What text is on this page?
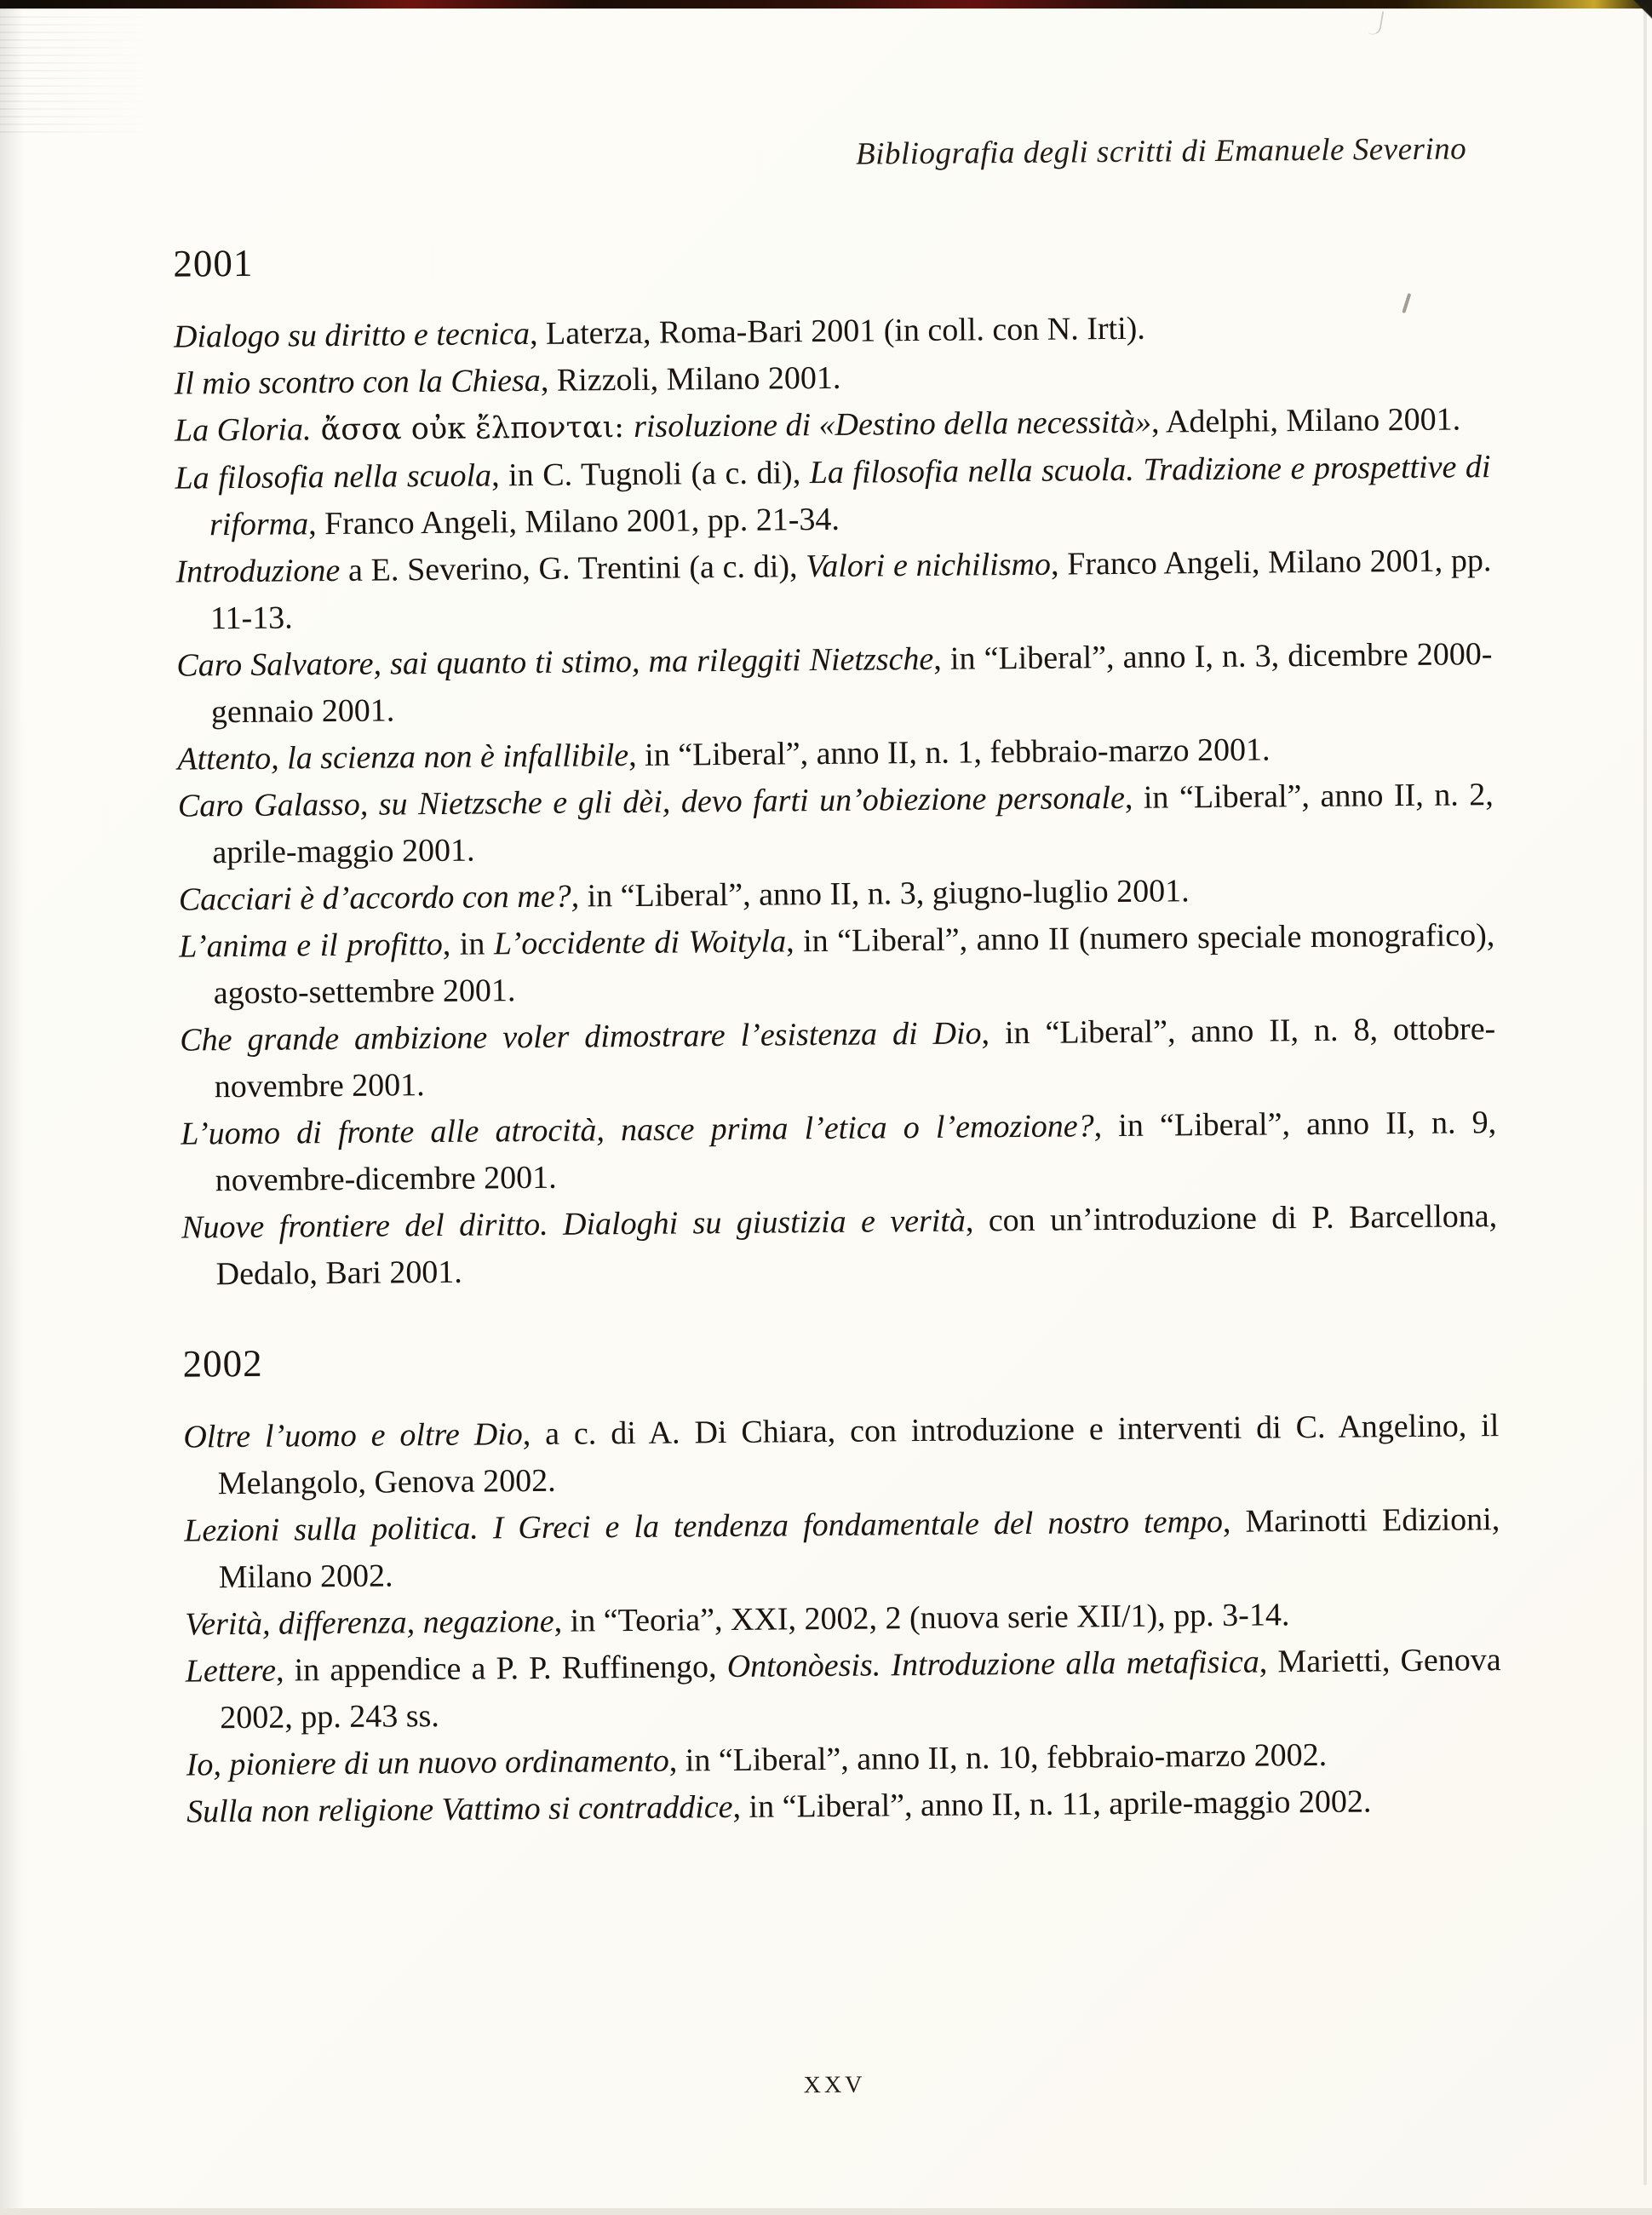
Bibliografia degli scritti di Emanuele Severino
2001
Dialogo su diritto e tecnica, Laterza, Roma-Bari 2001 (in coll. con N. Irti).
Il mio scontro con la Chiesa, Rizzoli, Milano 2001.
La Gloria. ἄσσα οὐκ ἔλπονται: risoluzione di «Destino della necessità», Adelphi, Milano 2001.
La filosofia nella scuola, in C. Tugnoli (a c. di), La filosofia nella scuola. Tradizione e prospettive di riforma, Franco Angeli, Milano 2001, pp. 21-34.
Introduzione a E. Severino, G. Trentini (a c. di), Valori e nichilismo, Franco Angeli, Milano 2001, pp. 11-13.
Caro Salvatore, sai quanto ti stimo, ma rileggiti Nietzsche, in “Liberal”, anno I, n. 3, dicembre 2000-gennaio 2001.
Attento, la scienza non è infallibile, in “Liberal”, anno II, n. 1, febbraio-marzo 2001.
Caro Galasso, su Nietzsche e gli dèi, devo farti un’obiezione personale, in “Liberal”, anno II, n. 2, aprile-maggio 2001.
Cacciari è d’accordo con me?, in “Liberal”, anno II, n. 3, giugno-luglio 2001.
L’anima e il profitto, in L’occidente di Woityla, in “Liberal”, anno II (numero speciale monografico), agosto-settembre 2001.
Che grande ambizione voler dimostrare l’esistenza di Dio, in “Liberal”, anno II, n. 8, ottobre-novembre 2001.
L’uomo di fronte alle atrocità, nasce prima l’etica o l’emozione?, in “Liberal”, anno II, n. 9, novembre-dicembre 2001.
Nuove frontiere del diritto. Dialoghi su giustizia e verità, con un’introduzione di P. Barcellona, Dedalo, Bari 2001.
2002
Oltre l’uomo e oltre Dio, a c. di A. Di Chiara, con introduzione e interventi di C. Angelino, il Melangolo, Genova 2002.
Lezioni sulla politica. I Greci e la tendenza fondamentale del nostro tempo, Marinotti Edizioni, Milano 2002.
Verità, differenza, negazione, in “Teoria”, XXI, 2002, 2 (nuova serie XII/1), pp. 3-14.
Lettere, in appendice a P. P. Ruffinengo, Ontonòesis. Introduzione alla metafisica, Marietti, Genova 2002, pp. 243 ss.
Io, pioniere di un nuovo ordinamento, in “Liberal”, anno II, n. 10, febbraio-marzo 2002.
Sulla non religione Vattimo si contraddice, in “Liberal”, anno II, n. 11, aprile-maggio 2002.
xxv
